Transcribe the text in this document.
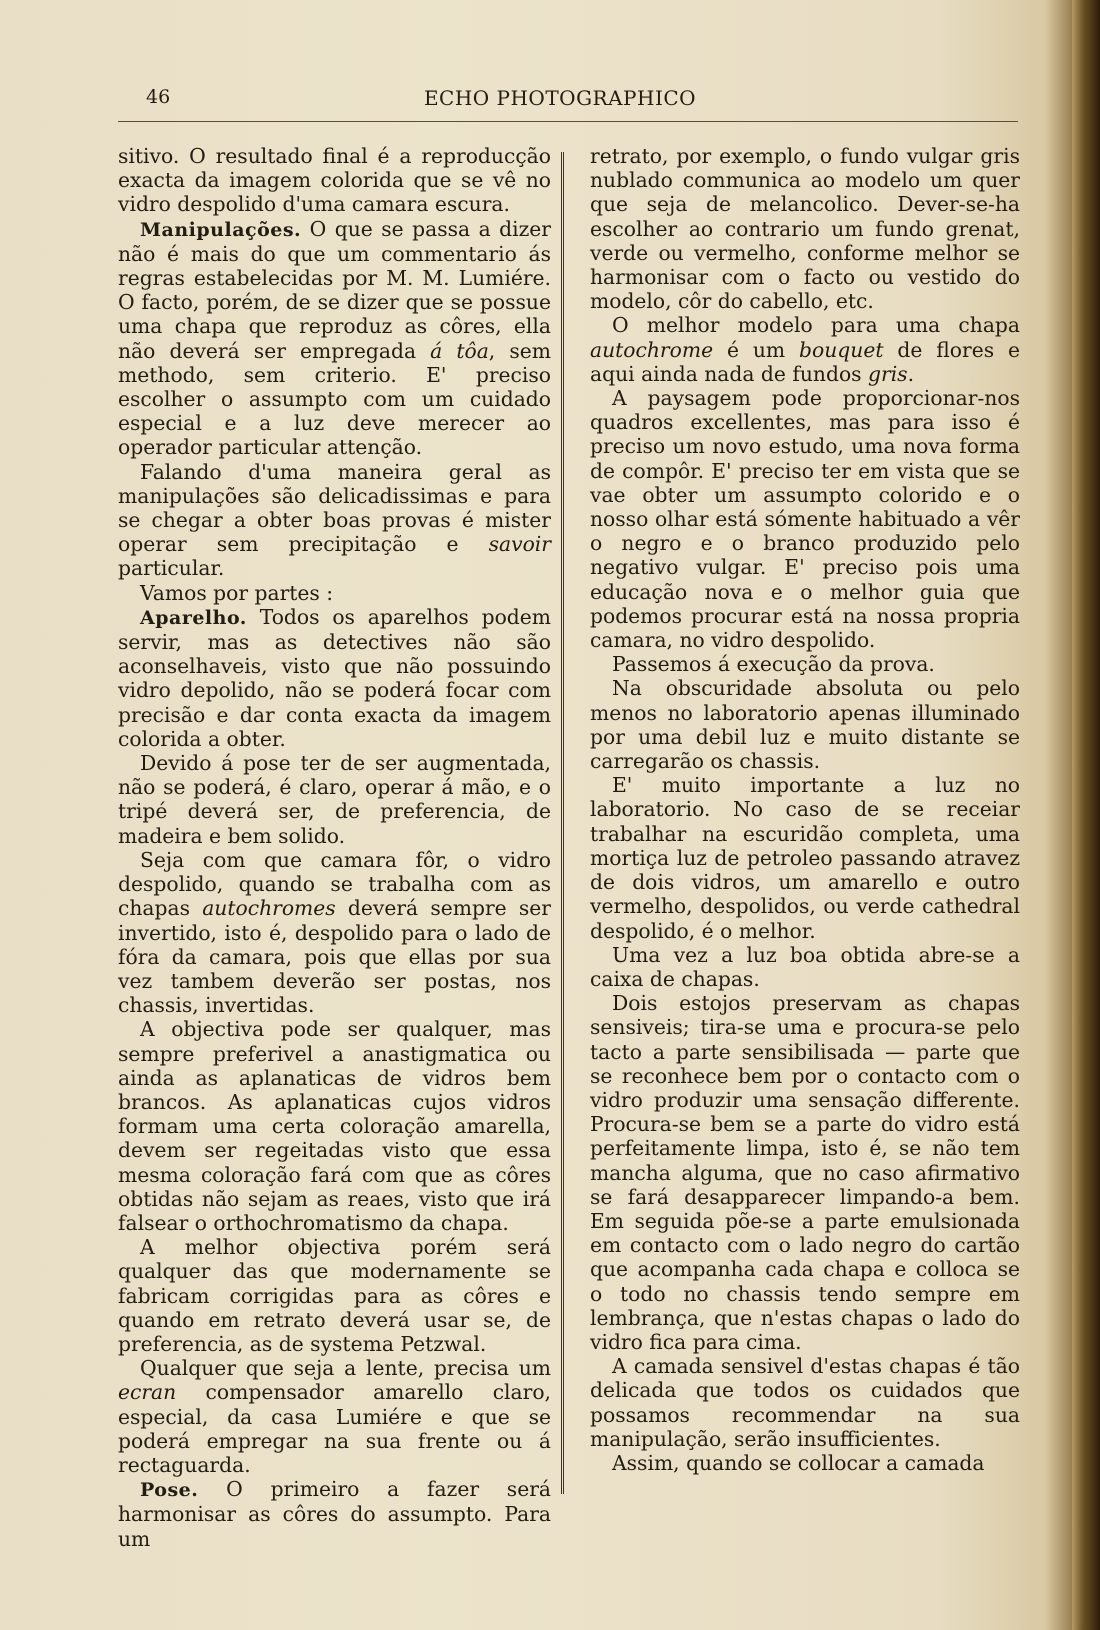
46	ECHO PHOTOGRAPHICO

sitivo. O resultado final é a reproducção exacta da imagem colorida que se vê no vidro despolido d'uma camara escura.

Manipulações. O que se passa a dizer não é mais do que um commentario ás regras estabelecidas por M. M. Lumiére. O facto, porém, de se dizer que se possue uma chapa que reproduz as côres, ella não deverá ser empregada á tôa, sem methodo, sem criterio. E' preciso escolher o assumpto com um cuidado especial e a luz deve merecer ao operador particular attenção.

Falando d'uma maneira geral as manipulações são delicadissimas e para se chegar a obter boas provas é mister operar sem precipitação e savoir particular.

Vamos por partes :

Aparelho. Todos os aparelhos podem servir, mas as detectives não são aconselhaveis, visto que não possuindo vidro depolido, não se poderá focar com precisão e dar conta exacta da imagem colorida a obter.

Devido á pose ter de ser augmentada, não se poderá, é claro, operar á mão, e o tripé deverá ser, de preferencia, de madeira e bem solido.

Seja com que camara fôr, o vidro despolido, quando se trabalha com as chapas autochromes deverá sempre ser invertido, isto é, despolido para o lado de fóra da camara, pois que ellas por sua vez tambem deverão ser postas, nos chassis, invertidas.

A objectiva pode ser qualquer, mas sempre preferivel a anastigmatica ou ainda as aplanaticas de vidros bem brancos. As aplanaticas cujos vidros formam uma certa coloração amarella, devem ser regeitadas visto que essa mesma coloração fará com que as côres obtidas não sejam as reaes, visto que irá falsear o orthochromatismo da chapa.

A melhor objectiva porém será qualquer das que modernamente se fabricam corrigidas para as côres e quando em retrato deverá usar se, de preferencia, as de systema Petzwal.

Qualquer que seja a lente, precisa um ecran compensador amarello claro, especial, da casa Lumiére e que se poderá empregar na sua frente ou á rectaguarda.

Pose. O primeiro a fazer será harmonisar as côres do assumpto. Para um

retrato, por exemplo, o fundo vulgar gris nublado communica ao modelo um quer que seja de melancolico. Dever-se-ha escolher ao contrario um fundo grenat, verde ou vermelho, conforme melhor se harmonisar com o facto ou vestido do modelo, côr do cabello, etc.

O melhor modelo para uma chapa autochrome é um bouquet de flores e aqui ainda nada de fundos gris.

A paysagem pode proporcionar-nos quadros excellentes, mas para isso é preciso um novo estudo, uma nova forma de compôr. E' preciso ter em vista que se vae obter um assumpto colorido e o nosso olhar está sómente habituado a vêr o negro e o branco produzido pelo negativo vulgar. E' preciso pois uma educação nova e o melhor guia que podemos procurar está na nossa propria camara, no vidro despolido.

Passemos á execução da prova.

Na obscuridade absoluta ou pelo menos no laboratorio apenas illuminado por uma debil luz e muito distante se carregarão os chassis.

E' muito importante a luz no laboratorio. No caso de se receiar trabalhar na escuridão completa, uma mortiça luz de petroleo passando atravez de dois vidros, um amarello e outro vermelho, despolidos, ou verde cathedral despolido, é o melhor.

Uma vez a luz boa obtida abre-se a caixa de chapas.

Dois estojos preservam as chapas sensiveis; tira-se uma e procura-se pelo tacto a parte sensibilisada — parte que se reconhece bem por o contacto com o vidro produzir uma sensação differente. Procura-se bem se a parte do vidro está perfeitamente limpa, isto é, se não tem mancha alguma, que no caso afirmativo se fará desapparecer limpando-a bem. Em seguida põe-se a parte emulsionada em contacto com o lado negro do cartão que acompanha cada chapa e colloca se o todo no chassis tendo sempre em lembrança, que n'estas chapas o lado do vidro fica para cima.

A camada sensivel d'estas chapas é tão delicada que todos os cuidados que possamos recommendar na sua manipulação, serão insufficientes.

Assim, quando se collocar a camada
